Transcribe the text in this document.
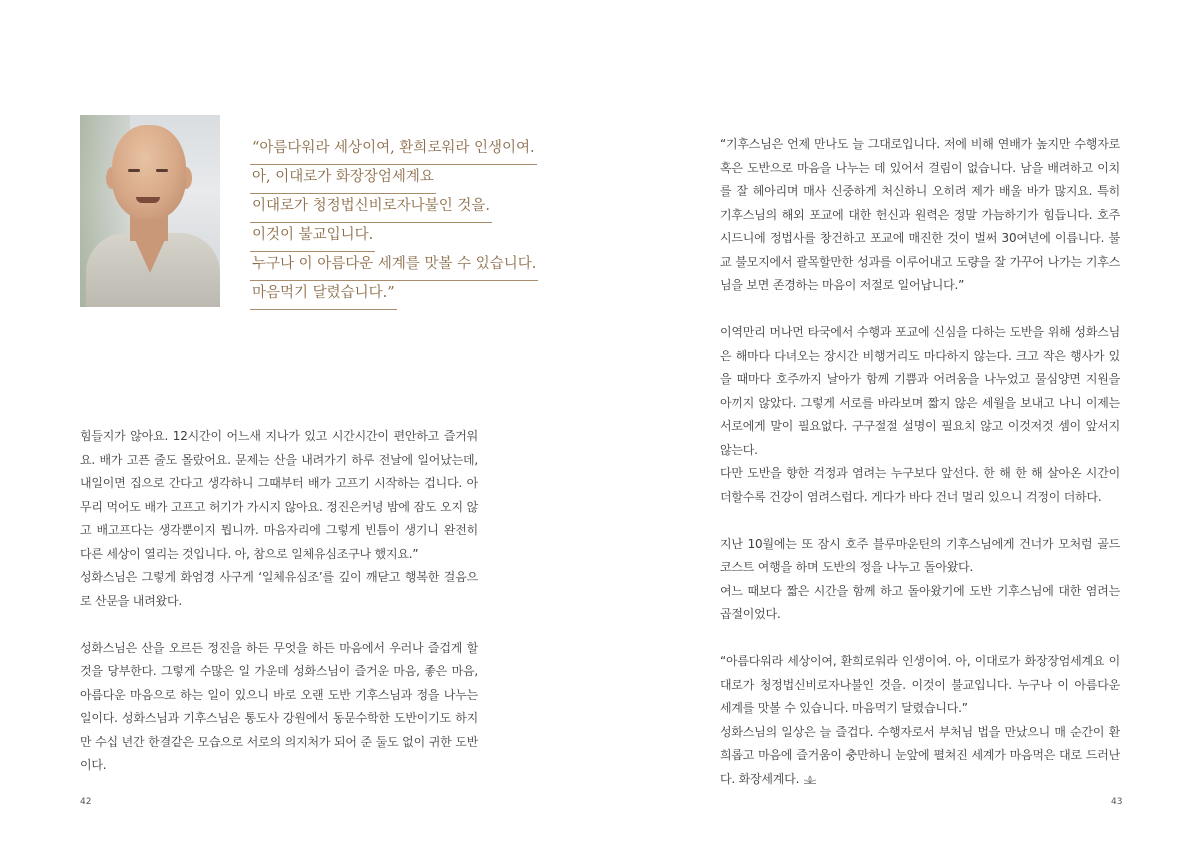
“아름다워라 세상이여, 환희로워라 인생이여.
아, 이대로가 화장장엄세계요
이대로가 청정법신비로자나불인 것을.
이것이 불교입니다.
누구나 이 아름다운 세계를 맛볼 수 있습니다.
마음먹기 달렸습니다.”

힘들지가 않아요. 12시간이 어느새 지나가 있고 시간시간이 편안하고 즐거워요. 배가 고픈 줄도 몰랐어요. 문제는 산을 내려가기 하루 전날에 일어났는데, 내일이면 집으로 간다고 생각하니 그때부터 배가 고프기 시작하는 겁니다. 아무리 먹어도 배가 고프고 허기가 가시지 않아요. 정진은커녕 밤에 잠도 오지 않고 배고프다는 생각뿐이지 뭡니까. 마음자리에 그렇게 빈틈이 생기니 완전히 다른 세상이 열리는 것입니다. 아, 참으로 일체유심조구나 했지요.”

성화스님은 그렇게 화엄경 사구게 ‘일체유심조’를 깊이 깨닫고 행복한 걸음으로 산문을 내려왔다.

성화스님은 산을 오르든 정진을 하든 무엇을 하든 마음에서 우러나 즐겁게 할 것을 당부한다. 그렇게 수많은 일 가운데 성화스님이 즐거운 마음, 좋은 마음, 아름다운 마음으로 하는 일이 있으니 바로 오랜 도반 기후스님과 정을 나누는 일이다. 성화스님과 기후스님은 통도사 강원에서 동문수학한 도반이기도 하지만 수십 년간 한결같은 모습으로 서로의 의지처가 되어 준 둘도 없이 귀한 도반이다.

42

“기후스님은 언제 만나도 늘 그대로입니다. 저에 비해 연배가 높지만 수행자로 혹은 도반으로 마음을 나누는 데 있어서 걸림이 없습니다. 남을 배려하고 이치를 잘 헤아리며 매사 신중하게 처신하니 오히려 제가 배울 바가 많지요. 특히 기후스님의 해외 포교에 대한 헌신과 원력은 정말 가늠하기가 힘듭니다. 호주 시드니에 정법사를 창건하고 포교에 매진한 것이 벌써 30여년에 이릅니다. 불교 불모지에서 괄목할만한 성과를 이루어내고 도량을 잘 가꾸어 나가는 기후스님을 보면 존경하는 마음이 저절로 일어납니다.”

이역만리 머나먼 타국에서 수행과 포교에 신심을 다하는 도반을 위해 성화스님은 해마다 다녀오는 장시간 비행거리도 마다하지 않는다. 크고 작은 행사가 있을 때마다 호주까지 날아가 함께 기쁨과 어려움을 나누었고 물심양면 지원을 아끼지 않았다. 그렇게 서로를 바라보며 짧지 않은 세월을 보내고 나니 이제는 서로에게 말이 필요없다. 구구절절 설명이 필요치 않고 이것저것 셈이 앞서지 않는다.

다만 도반을 향한 걱정과 염려는 누구보다 앞선다. 한 해 한 해 살아온 시간이 더할수록 건강이 염려스럽다. 게다가 바다 건너 멀리 있으니 걱정이 더하다.

지난 10월에는 또 잠시 호주 블루마운틴의 기후스님에게 건너가 모처럼 골드코스트 여행을 하며 도반의 정을 나누고 돌아왔다.

여느 때보다 짧은 시간을 함께 하고 돌아왔기에 도반 기후스님에 대한 염려는 곱절이었다.

“아름다워라 세상이여, 환희로워라 인생이여. 아, 이대로가 화장장엄세계요 이대로가 청정법신비로자나불인 것을. 이것이 불교입니다. 누구나 이 아름다운 세계를 맛볼 수 있습니다. 마음먹기 달렸습니다.”

성화스님의 일상은 늘 즐겁다. 수행자로서 부처님 법을 만났으니 매 순간이 환희롭고 마음에 즐거움이 충만하니 눈앞에 펼쳐진 세계가 마음먹은 대로 드러난다. 화장세계다.

43
